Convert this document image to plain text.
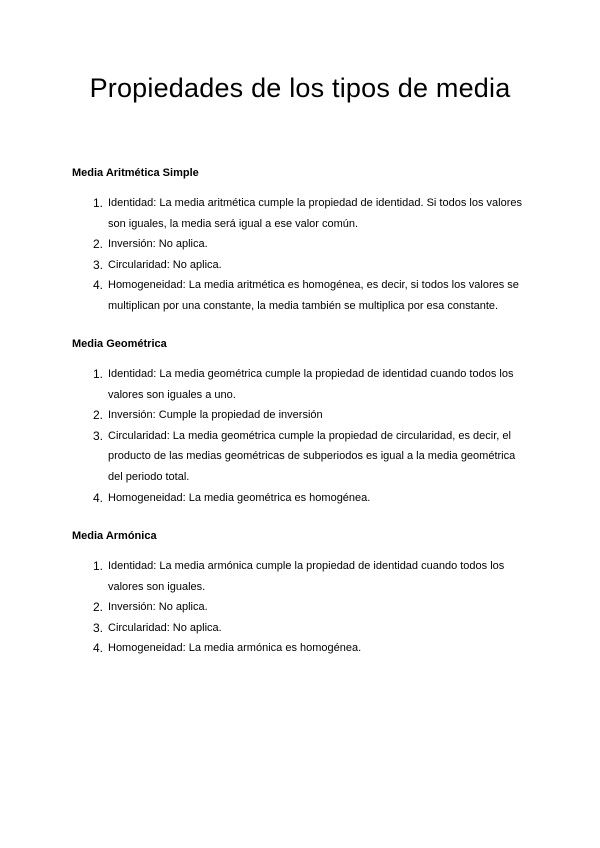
Propiedades de los tipos de media
Media Aritmética Simple
1. Identidad: La media aritmética cumple la propiedad de identidad. Si todos los valores son iguales, la media será igual a ese valor común.
2. Inversión: No aplica.
3. Circularidad: No aplica.
4. Homogeneidad: La media aritmética es homogénea, es decir, si todos los valores se multiplican por una constante, la media también se multiplica por esa constante.
Media Geométrica
1. Identidad: La media geométrica cumple la propiedad de identidad cuando todos los valores son iguales a uno.
2. Inversión: Cumple la propiedad de inversión
3. Circularidad: La media geométrica cumple la propiedad de circularidad, es decir, el producto de las medias geométricas de subperiodos es igual a la media geométrica del periodo total.
4. Homogeneidad: La media geométrica es homogénea.
Media Armónica
1. Identidad: La media armónica cumple la propiedad de identidad cuando todos los valores son iguales.
2. Inversión: No aplica.
3. Circularidad: No aplica.
4. Homogeneidad: La media armónica es homogénea.
